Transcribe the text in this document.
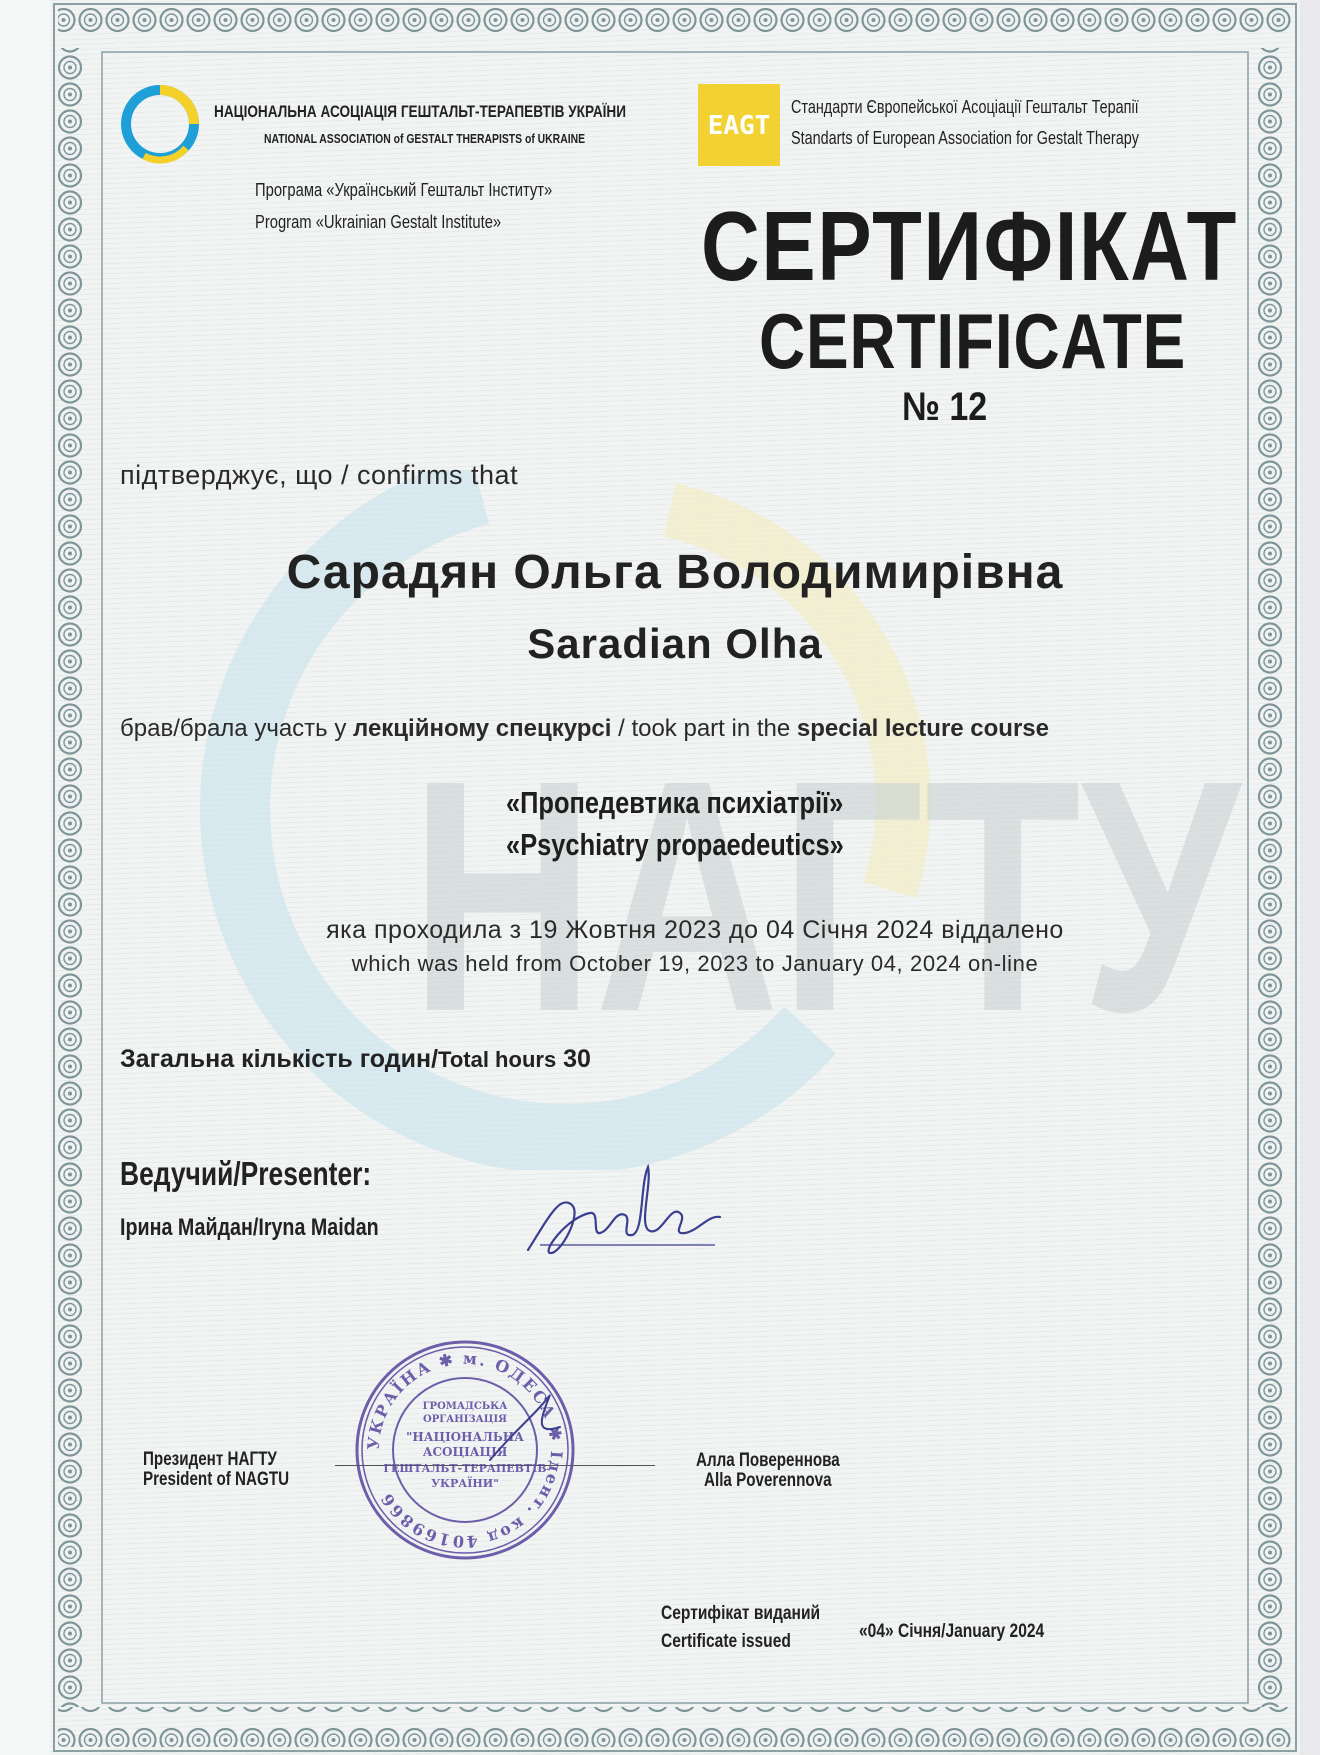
НАГТУ
НАЦІОНАЛЬНА АСОЦІАЦІЯ ГЕШТАЛЬТ-ТЕРАПЕВТІВ УКРАЇНИ
NATIONAL ASSOCIATION of GESTALT THERAPISTS of UKRAINE
Програма «Український Гештальт Інститут»
Program «Ukrainian Gestalt Institute»
EAGT
Стандарти Європейської Асоціації Гештальт Терапії
Standarts of European Association for Gestalt Therapy
СЕРТИФІКАТ
CERTIFICATE
№ 12
підтверджує, що / confirms that
Сарадян Ольга Володимирівна
Saradian Olha
брав/брала участь у лекційному спецкурсі / took part in the special lecture course
«Пропедевтика психіатрії»
«Psychiatry propaedeutics»
яка проходила з 19 Жовтня 2023 до 04 Січня 2024 віддалено
which was held from October 19, 2023 to January 04, 2024 on-line
Загальна кількість годин/Total hours 30
Ведучий/Presenter:
Ірина Майдан/Iryna Maidan
Президент НАГТУ
President of NAGTU
Алла Повереннова
Alla Poverennova
УКРАЇНА ✱ м. ОДЕСА ✱ Ідент. код 40169866
ГРОМАДСЬКА
ОРГАНІЗАЦІЯ
"НАЦІОНАЛЬНА
АСОЦІАЦІЯ
ГЕШТАЛЬТ-ТЕРАПЕВТІВ
УКРАЇНИ"
Сертифікат виданий
Certificate issued	«04» Січня/January 2024
